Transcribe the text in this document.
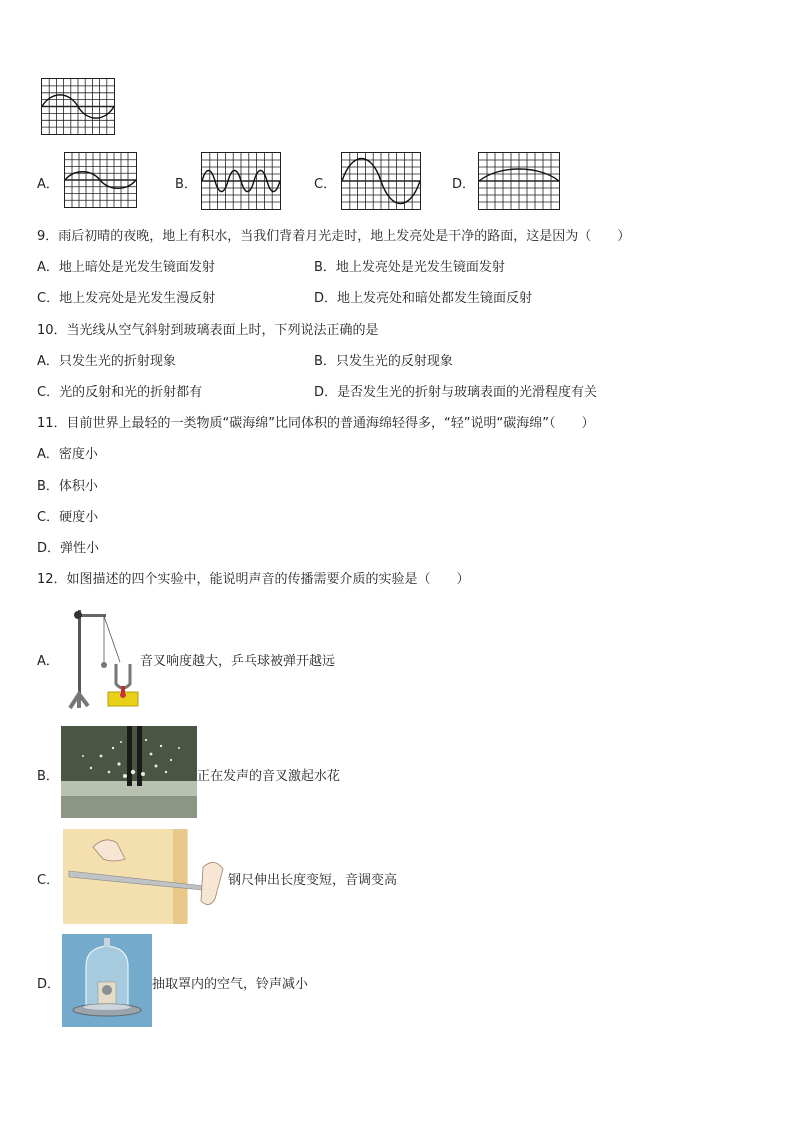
A．	B．	C．	D．
9．雨后初晴的夜晚，地上有积水，当我们背着月光走时，地上发亮处是干净的路面，这是因为（　　）
A．地上暗处是光发生镜面发射	B．地上发亮处是光发生镜面发射
C．地上发亮处是光发生漫反射	D．地上发亮处和暗处都发生镜面反射
10．当光线从空气斜射到玻璃表面上时，下列说法正确的是
A．只发生光的折射现象	B．只发生光的反射现象
C．光的反射和光的折射都有	D．是否发生光的折射与玻璃表面的光滑程度有关
11．目前世界上最轻的一类物质“碳海绵”比同体积的普通海绵轻得多，“轻”说明“碳海绵”（　　）
A．密度小
B．体积小
C．硬度小
D．弹性小
12．如图描述的四个实验中，能说明声音的传播需要介质的实验是（　　）
A．	音叉响度越大，乒乓球被弹开越远
B．	正在发声的音叉激起水花
C．	钢尺伸出长度变短，音调变高
D．	抽取罩内的空气，铃声减小
